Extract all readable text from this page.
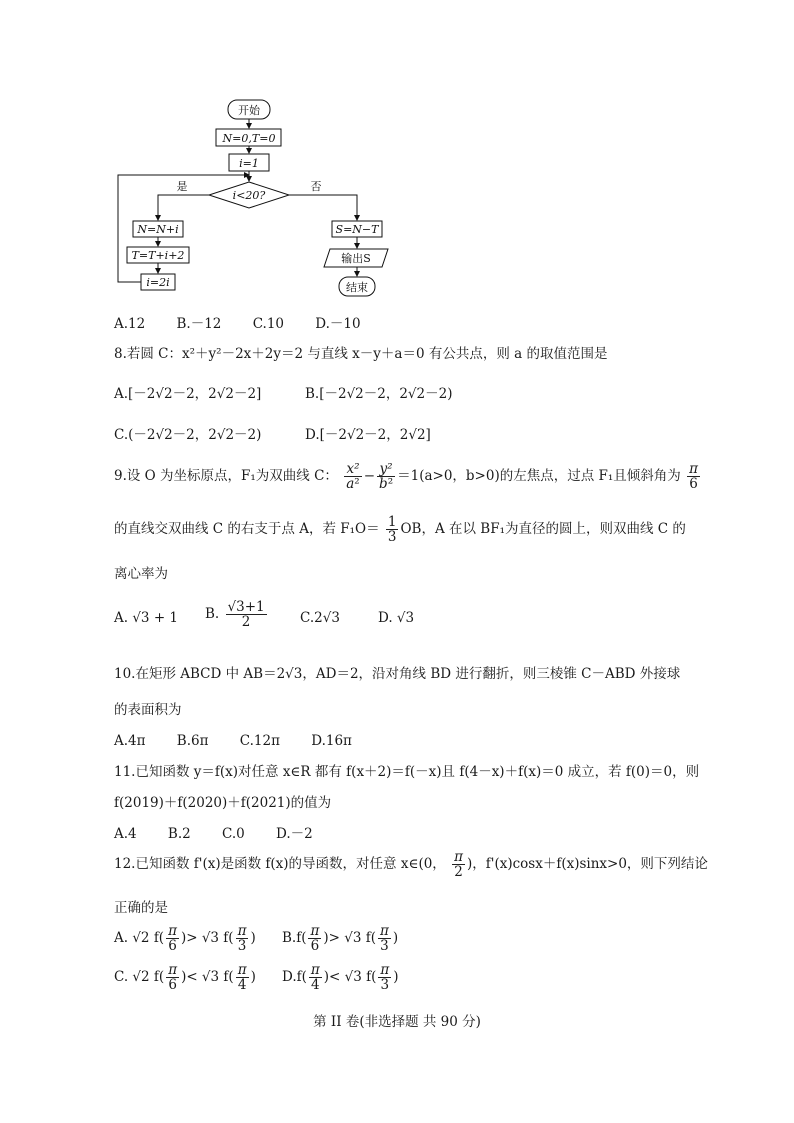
开始
N=0,T=0
i=1
i<20?
是	否
N=N+i
T=T+i+2
i=2i
S=N−T
输出S
结束
A.12　　 B.－12　　 C.10　　 D.－10
8.若圆 C：x²＋y²－2x＋2y＝2 与直线 x－y＋a＝0 有公共点，则 a 的取值范围是
A.[－2√2－2，2√2－2]	B.[－2√2－2，2√2－2)
C.(－2√2－2，2√2－2)	D.[－2√2－2，2√2]
9.设 O 为坐标原点，F₁为双曲线 C： $\frac{\text{x²}}{\text{a²}} - \frac{\text{y²}}{\text{b²}} =1(a>0$，b>0)的左焦点，过点 F₁且倾斜角为 $\frac{\pi}{6}$
的直线交双曲线 C 的右支于点 A，若 $F_1O= \frac{1}{3}$ OB，A 在以 BF₁为直径的圆上，则双曲线 C 的
离心率为
A. √3 + 1 B. $\frac{√3+1}{2} C.2√3$	D. √3
10.在矩形 ABCD 中 AB＝2√3，AD＝2，沿对角线 BD 进行翻折，则三棱锥 C－ABD 外接球
的表面积为
A.4π　　 B.6π　　 C.12π　　 D.16π
11.已知函数 y＝f(x)对任意 x∈R 都有 f(x＋2)＝f(－x)且 f(4－x)＋f(x)＝0 成立，若 f(0)＝0，则
f(2019)＋f(2020)＋f(2021)的值为
A.4　　 B.2　　 C.0　　 D.－2
12.已知函数 f'(x)是函数 f(x)的导函数，对任意 x∈(0， $\frac{\pi}{2}$ )，f'(x)cosx＋f(x)sinx>0，则下列结论
正确的是
A. √2 $f( \frac{\pi}{6}$ )> √3 $f( \frac{\pi}{3}$ ) $B.f( \frac{\pi}{6}$ )> √3 $f( \frac{\pi}{3}$ )
C. √2 $f( \frac{\pi}{6}$ )< √3 $f( \frac{\pi}{4}$ ) $D.f( \frac{\pi}{4}$ )< √3 $f( \frac{\pi}{3}$ )
第 II 卷(非选择题 共 90 分)
